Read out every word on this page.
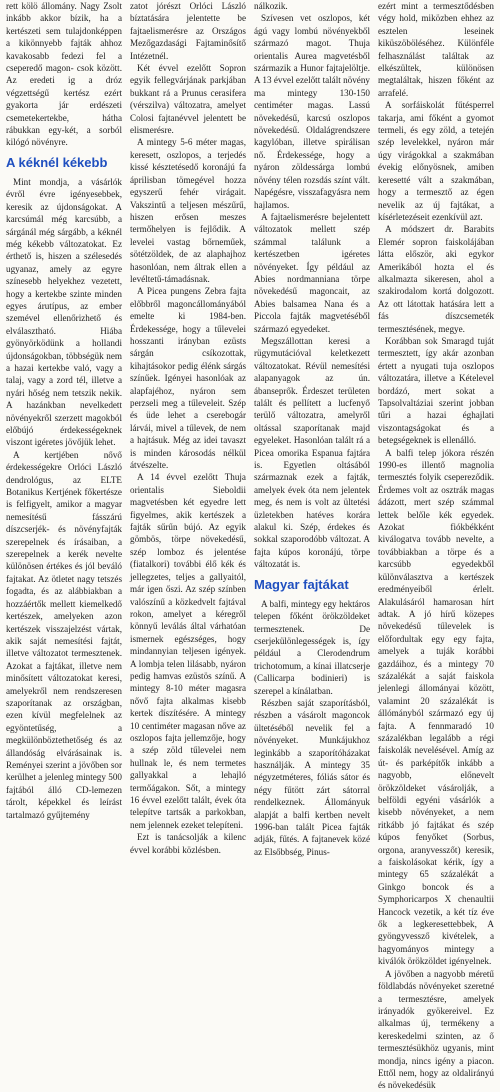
rett kölö állomány. Nagy Zsolt inkább akkor bízik, ha a kertészeti sem tulajdonképpen a kikönnyebb fajták ahhoz kavakosabb fedezi fel a cseperedő magon- csok között. Az eredeti ig a dróz végzettségű kertész ezért gyakorta jár erdészeti csemetekertekbe, hátha rábukkan egy-két, a sorból kilógó növényre.

A kéknél kékebb

Mint mondja, a vásárlók évről évre igényesebbek, keresik az újdonságokat. A karcsúmál még karcsúbb, a sárgánál még sárgább, a kéknél még kékebb változatokat. Ez érthető is, hiszen a szélesedés ugyanaz, amely az egyre színesebb helyekhez vezetett, hogy a kertekbe szinte minden egyes árutípus, az ember szemével ellenőrizhető és elválasztható. Hiába gyönyörködünk a hollandi újdonságokban, többségük nem a hazai kertekbe való, vagy a talaj, vagy a zord tél, illetve a nyári hőség nem tetszik nekik. A hazánkban nevelkedett növényekről szerzett magokból előbújó érdekességeknek viszont igéretes jövőjük lehet.

A kertjében nővő érdekességekre Orlóci László dendrológus, az ELTE Botanikus Kertjének főkertésze is felfigyelt, amikor a magyar nemesítésű fásszárú díszcserjék- és növényfajták szerepelnek és írásaiban, a szerepelnek a kerék nevelte különösen értékes és jól beváló fajtakat. Az ötletet nagy tetszés fogadta, és az alábbiakban a hozzáértők mellett kiemelkedő kertészek, amelyeken azon kertészek visszajelzést vártak, akik saját nemesítési fajtát, illetve változatot termesztenek. Azokat a fajtákat, illetve nem minősített változatokat keresi, amelyekről nem rendszeresen szaporítanak az országban, ezen kívül megfelelnek az egyöntetűség, a megkülönböztethetőség és az állandóság elvárásainak is. Reményei szerint a jövőben sor kerülhet a jelenleg mintegy 500 fajtából álló CD-lemezen tárolt, képekkel és leírást tartalmazó gyűjtemény

zatot jórészt Orlóci László bíztatására jelentette be fajtaelismerésre az Országos Mezőgazdasági Fajtaminősítő Intézetnél.

Két évvel ezelőtt Sopron egyik fellegvárjának parkjában bukkant rá a Prunus cerasifera (vérszilva) változatra, amelyet Colosi fajtanévvel jelentett be elismerésre.

A mintegy 5-6 méter magas, keresett, oszlopos, a terjedés kissé késztetésedő koronájú fa áprilisban tömegével hozza egyszerű fehér virágait. Vakszintű a teljesen mészűrű, hiszen erősen meszes termőhelyen is fejlődik. A levelei vastag bőrneműek, sötétzöldek, de az alaphajhoz hasonlóan, nem áltrak ellen a levéltetű-támadásnak.

A Picea pungens Zebra fajta előbbről magoncállományából emelte ki 1984-ben. Érdekessége, hogy a tűlevelei hosszanti irányban ezüsts sárgán csíkozottak, kihajtásokor pedig élénk sárgás színűek. Igényei hasonlóak az alapfajéhoz, nyáron sem perzseli meg a tűleveleit. Szép és üde lehet a cserebogár lárvái, mivel a tűlevek, de nem a hajtásuk. Még az idei tavaszt is minden károsodás nélkül átvészelte.

A 14 évvel ezelőtt Thuja orientalis Sieboldii magvetésben két egyedre lett figyelmes, akik kertészek a fajták sűrűn bújó. Az egyik gömbös, törpe növekedésű, szép lomboz és jelentése (fiatalkori) további élő kék és jellegzetes, teljes a gallyaitól, már igen őszi. Az szép színben valószínű a közkedvelt fajtával rokon, amelyet a kéregről könnyű leválás által várhatóan ismernek egészséges, hogy mindannyian teljesen igények. A lombja telen lilásabb, nyáron pedig hamvas ezüstös színű. A mintegy 8-10 méter magasra nővő fajta alkalmas kisebb kertek díszítésére. A mintegy 10 centiméter magasan nőve az oszlopos fajta jellemzője, hogy a szép zöld tűlevelei nem hullnak le, és nem termetes gallyakkal a lehajló termőágakon. Sőt, a mintegy 16 évvel ezelőtt talált, évek óta telepítve tartsák a parkokban, nem jelennek ezeket telepíteni.

Ezt is tanácsolják a kilenc évvel korábbi közlésben.

nálkozik.

Szívesen vet oszlopos, két ágú vagy lombú növényekből származó magot. Thuja orientalis Aurea magvetésből származik a Hunor fajtajelöltje. A 13 évvel ezelőtt talált növény ma mintegy 130-150 centiméter magas. Lassú növekedésű, karcsú oszlopos növekedésű. Oldalágrendszere kagylóban, illetve spirálisan nő. Érdekessége, hogy a nyáron zöldessárga lombú növény télen rozsdás színt vált. Napégésre, visszafagyásra nem hajlamos.

A fajtaelismerésre bejelentett változatok mellett szép számmal találunk a kertészetben igéretes növényeket. Így például az Abies nordmanniana törpe növekedésű magoncait, az Abies balsamea Nana és a Piccola fajták magvetéséből származó egyedeket.

Megszállottan keresi a rügymutációval keletkezett változatokat. Révül nemesítési alapanyagok az ún. ábanseprők. Érdeszet területen talált és pellített a lucfenyő terülő változatra, amelyről oltással szaporítanak majd egyeleket. Hasonlóan talált rá a Picea omorika Espanua fajtára is. Egyetlen oltásából származnak ezek a fajták, amelyek évek óta nem jelentek meg, és nem is volt az ültetési üzletekben hatéves korára alakul ki. Szép, érdekes és sokkal szaporodóbb változat. A fajta kúpos koronájú, törpe változatát is.

Magyar fajtákat

A balfi, mintegy egy hektáros telepen főként örökzöldeket termesztenek. De cserjekülönlegességek is, így például a Clerodendrum trichotomum, a kínai illatcserje (Callicarpa bodinieri) is szerepel a kínálatban.

Részben saját szaporításból, részben a vásárolt magoncok ültetéséből nevelik fel a növényeket. Munkájukhoz leginkább a szaporítóházakat használják. A mintegy 35 négyzetméteres, fóliás sátor és négy fűtött zárt sátorral rendelkeznek. Állományuk alapját a balfi kertben nevelt 1996-ban talált Picea fajták adják, fűtés. A fajtanevek közé az Elsőbbség, Pinus-

ezért mint a termesztődésben végy hold, miközben ehhez az esztelen leseinek kiküszöböléséhez. Különféle felhasználást találtak az elkészültek, különösen megtaláltak, hiszen főként az arrafelé.

A sorfáiskolát fűtésperrel takarja, ami főként a gyomot termeli, és egy zöld, a tetején szép levelekkel, nyáron már úgy virágokkal a szakmában évekig előnyösnek, amiben keresetté vált a szakmában, hogy a termesztő az égen nevelik az új fajtákat, a kísérletezéseit ezenkívül azt.

A módszert dr. Barabits Elemér sopron faiskolájában látta először, aki egykor Amerikából hozta el és alkalmazta sikeresen, ahol a szakirodalom kortá dolgozott. Az ott látottak hatására lett a fás díszcsemeték termesztésének, megye.

Korábban sok Smaragd tuját termesztett, így akár azonban értett a nyugati tuja oszlopos változatára, illetve a Kételevel bordázó, mert sokat a Tapsolvaltáziai szerint jobban tűri a hazai éghajlati viszontagságokat és a betegségeknek is ellenálló.

A balfi telep jókora részén 1990-es illentő magnolia termesztés folyik csepereződik. Érdemes volt az osztrák magas ádázott, mert szép számmal lettek belőle kék egyedek. Azokat fiókbékként kiválogatva tovább nevelte, a továbbiakban a törpe és a karcsúbb egyedekből különválasztva a kertészek eredményeiből érlelt. Alakulásáról hamarosan hírt adtak. A jó hírű közepes növekedésű tűlevelek is előfordultak egy egy fajta, amelyek a tuják korábbi gazdáihoz, és a mintegy 70 százalékát a saját faiskola jelenlegi állományai között, valamint 20 százalékát is állómányból származó egy új fajta. A fennmaradó 10 százalékban legalább a régi faiskolák nevelésével. Amíg az út- és parképítők inkább a nagyobb, előnevelt örökzöldeket vásárolják, a belföldi egyéni vásárlók a kisebb növényeket, a nem ritkább jó fajtákat és szép kúpos fenyőket (Sorbus, orgona, aranyvesszőt) keresik, a faiskolásokat kérik, így a mintegy 65 százalékát a Ginkgo boncok és a Symphoricarpos X chenaultii Hancock vezetik, a két tíz éve ők a legkeresettebbek, A gyöngyvessző kivételek, a hagyományos mintegy a kiválók örökzöldet igényelnek.

A jövőben a nagyobb méretű földlabdás növényeket szeretné a termesztésre, amelyek irányadók gyökereivel. Ez alkalmas új, termékeny a kereskedelmi szinten, az ő termesztésükhöz ugyanis, mint mondja, nincs igény a piacon. Ettől nem, hogy az oldalirányú és növekedésük
